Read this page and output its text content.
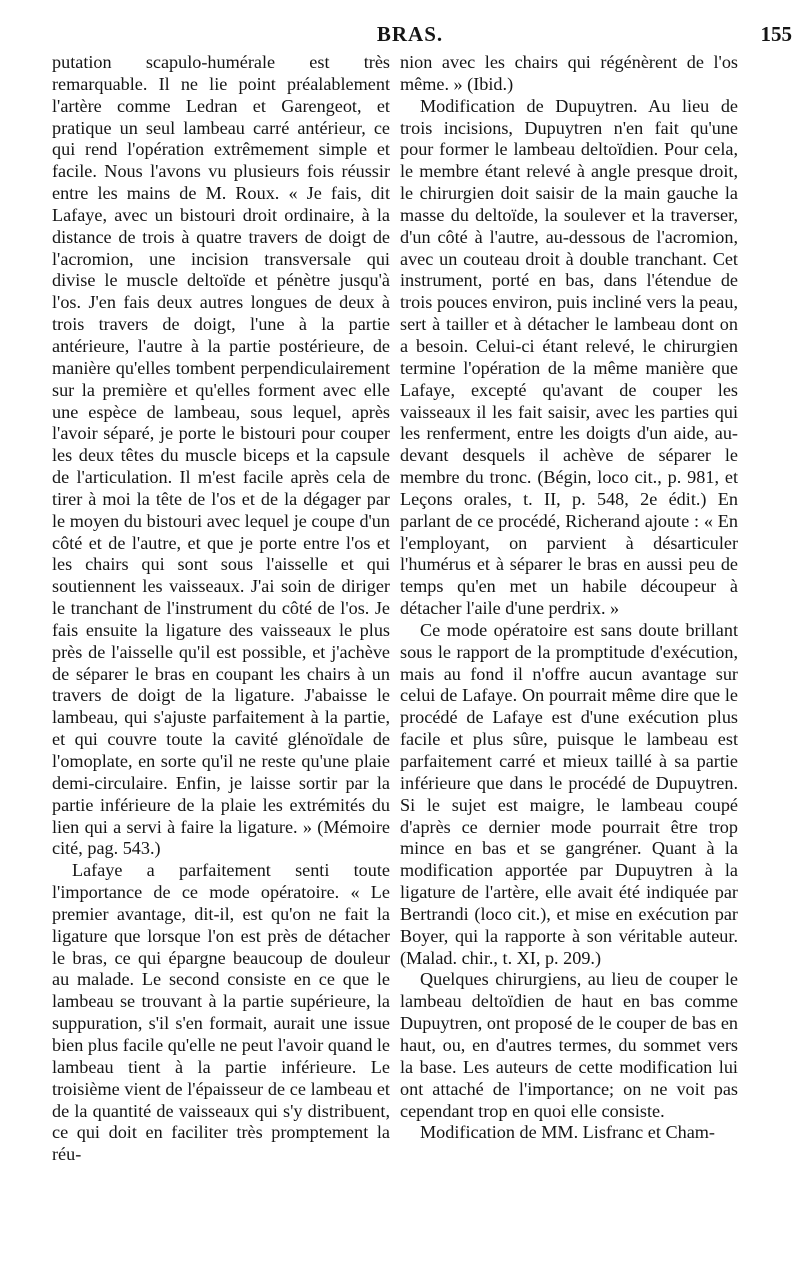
BRAS.	155

putation scapulo-humérale est très remarquable. Il ne lie point préalablement l'artère comme Ledran et Garengeot, et pratique un seul lambeau carré antérieur, ce qui rend l'opération extrêmement simple et facile. Nous l'avons vu plusieurs fois réussir entre les mains de M. Roux. « Je fais, dit Lafaye, avec un bistouri droit ordinaire, à la distance de trois à quatre travers de doigt de l'acromion, une incision transversale qui divise le muscle deltoïde et pénètre jusqu'à l'os. J'en fais deux autres longues de deux à trois travers de doigt, l'une à la partie antérieure, l'autre à la partie postérieure, de manière qu'elles tombent perpendiculairement sur la première et qu'elles forment avec elle une espèce de lambeau, sous lequel, après l'avoir séparé, je porte le bistouri pour couper les deux têtes du muscle biceps et la capsule de l'articulation. Il m'est facile après cela de tirer à moi la tête de l'os et de la dégager par le moyen du bistouri avec lequel je coupe d'un côté et de l'autre, et que je porte entre l'os et les chairs qui sont sous l'aisselle et qui soutiennent les vaisseaux. J'ai soin de diriger le tranchant de l'instrument du côté de l'os. Je fais ensuite la ligature des vaisseaux le plus près de l'aisselle qu'il est possible, et j'achève de séparer le bras en coupant les chairs à un travers de doigt de la ligature. J'abaisse le lambeau, qui s'ajuste parfaitement à la partie, et qui couvre toute la cavité glénoïdale de l'omoplate, en sorte qu'il ne reste qu'une plaie demi-circulaire. Enfin, je laisse sortir par la partie inférieure de la plaie les extrémités du lien qui a servi à faire la ligature. » (Mémoire cité, pag. 543.)

Lafaye a parfaitement senti toute l'importance de ce mode opératoire. « Le premier avantage, dit-il, est qu'on ne fait la ligature que lorsque l'on est près de détacher le bras, ce qui épargne beaucoup de douleur au malade. Le second consiste en ce que le lambeau se trouvant à la partie supérieure, la suppuration, s'il s'en formait, aurait une issue bien plus facile qu'elle ne peut l'avoir quand le lambeau tient à la partie inférieure. Le troisième vient de l'épaisseur de ce lambeau et de la quantité de vaisseaux qui s'y distribuent, ce qui doit en faciliter très promptement la réu-

nion avec les chairs qui régénèrent de l'os même. » (Ibid.)

Modification de Dupuytren. Au lieu de trois incisions, Dupuytren n'en fait qu'une pour former le lambeau deltoïdien. Pour cela, le membre étant relevé à angle presque droit, le chirurgien doit saisir de la main gauche la masse du deltoïde, la soulever et la traverser, d'un côté à l'autre, au-dessous de l'acromion, avec un couteau droit à double tranchant. Cet instrument, porté en bas, dans l'étendue de trois pouces environ, puis incliné vers la peau, sert à tailler et à détacher le lambeau dont on a besoin. Celui-ci étant relevé, le chirurgien termine l'opération de la même manière que Lafaye, excepté qu'avant de couper les vaisseaux il les fait saisir, avec les parties qui les renferment, entre les doigts d'un aide, au-devant desquels il achève de séparer le membre du tronc. (Bégin, loco cit., p. 981, et Leçons orales, t. II, p. 548, 2e édit.) En parlant de ce procédé, Richerand ajoute : « En l'employant, on parvient à désarticuler l'humérus et à séparer le bras en aussi peu de temps qu'en met un habile découpeur à détacher l'aile d'une perdrix. »

Ce mode opératoire est sans doute brillant sous le rapport de la promptitude d'exécution, mais au fond il n'offre aucun avantage sur celui de Lafaye. On pourrait même dire que le procédé de Lafaye est d'une exécution plus facile et plus sûre, puisque le lambeau est parfaitement carré et mieux taillé à sa partie inférieure que dans le procédé de Dupuytren. Si le sujet est maigre, le lambeau coupé d'après ce dernier mode pourrait être trop mince en bas et se gangréner. Quant à la modification apportée par Dupuytren à la ligature de l'artère, elle avait été indiquée par Bertrandi (loco cit.), et mise en exécution par Boyer, qui la rapporte à son véritable auteur. (Malad. chir., t. XI, p. 209.)

Quelques chirurgiens, au lieu de couper le lambeau deltoïdien de haut en bas comme Dupuytren, ont proposé de le couper de bas en haut, ou, en d'autres termes, du sommet vers la base. Les auteurs de cette modification lui ont attaché de l'importance; on ne voit pas cependant trop en quoi elle consiste.

Modification de MM. Lisfranc et Cham-
